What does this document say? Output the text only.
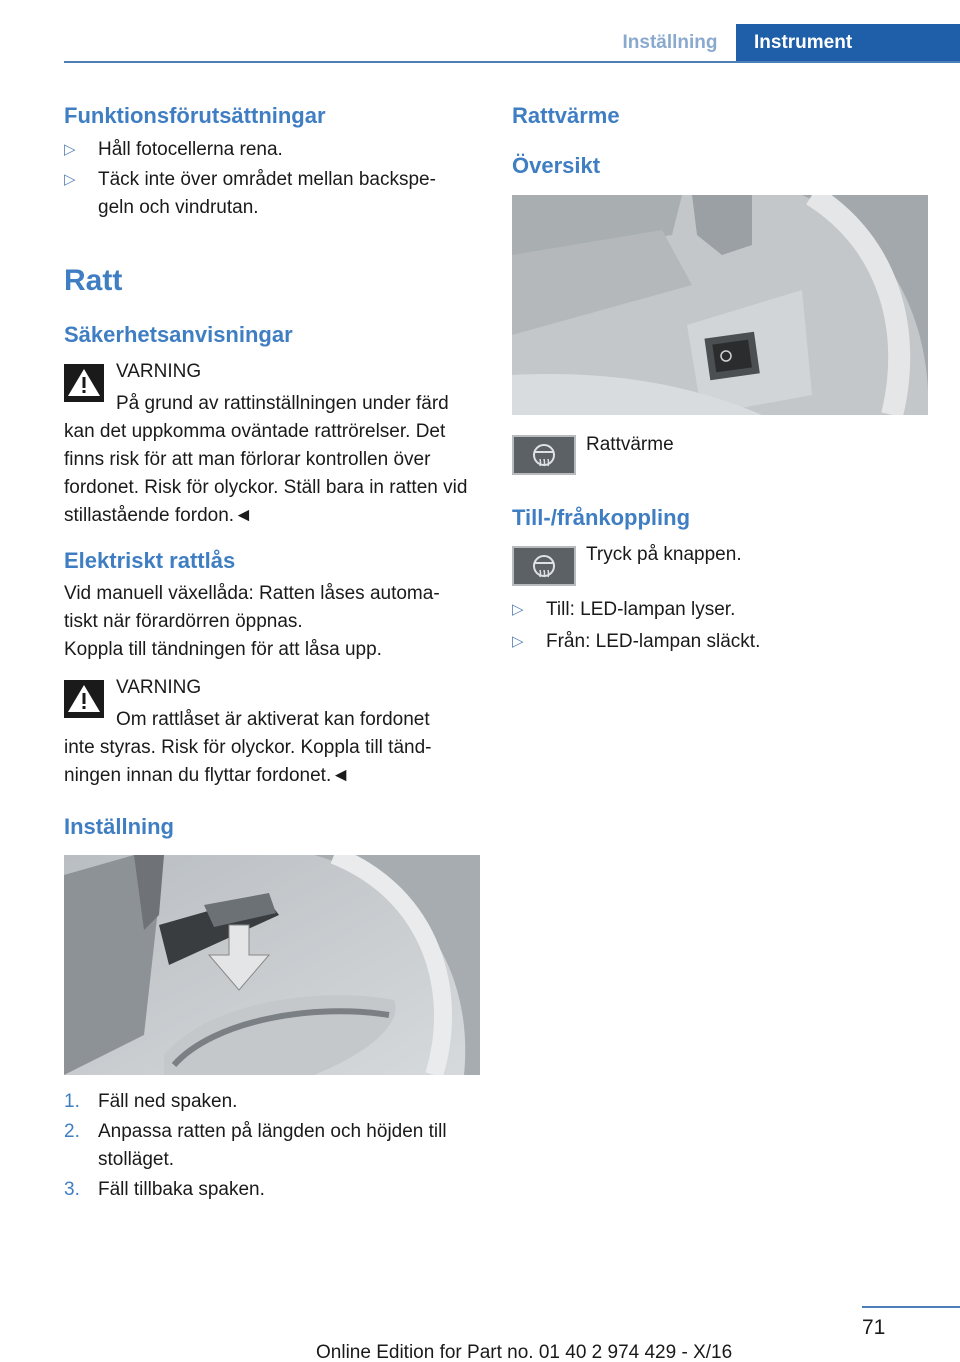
Inställning	Instrument
Funktionsförutsättningar
▷	Håll fotocellerna rena.

▷	Täck inte över området mellan backspe-
geln och vindrutan.

Ratt
Säkerhetsanvisningar
VARNING
På grund av rattinställningen under färd
kan det uppkomma oväntade rattrörelser. Det finns risk för att man förlorar kontrollen över fordonet. Risk för olyckor. Ställ bara in ratten vid stillastående fordon.◄
Elektriskt rattlås
Vid manuell växellåda: Ratten låses automa-
tiskt när förardörren öppnas.
Koppla till tändningen för att låsa upp.
VARNING
Om rattlåset är aktiverat kan fordonet
inte styras. Risk för olyckor. Koppla till tänd-
ningen innan du flyttar fordonet.◄
Inställning
1. Fäll ned spaken.
2. Anpassa ratten på längden och höjden till
stolläget.
3. Fäll tillbaka spaken.
Rattvärme
Översikt
Rattvärme
Till-/frånkoppling
Tryck på knappen.
▷	Till: LED-lampan lyser.
▷	Från: LED-lampan släckt.
71
Online Edition for Part no. 01 40 2 974 429 - X/16
